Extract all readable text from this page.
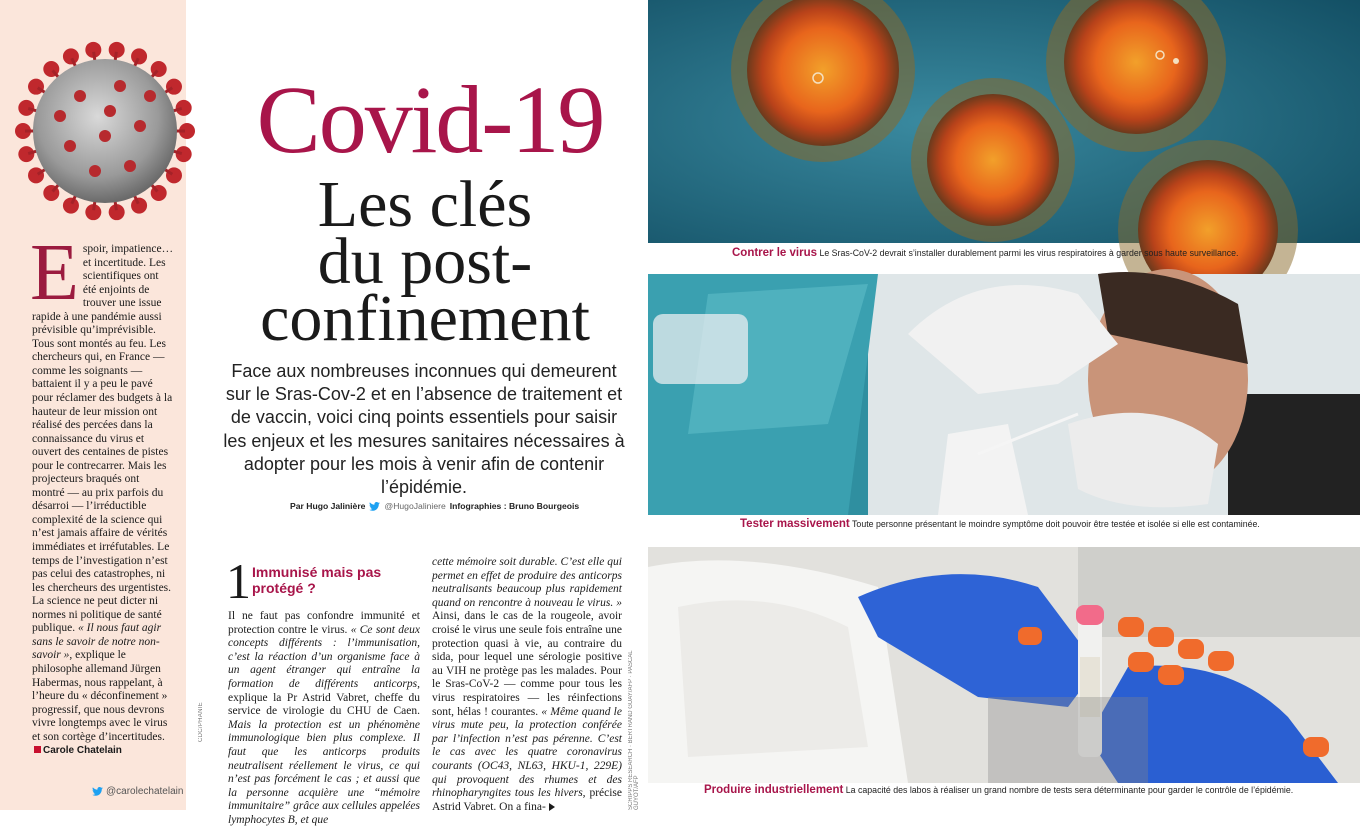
Espoir, impatience… et incertitude. Les scientifiques ont été enjoints de trouver une issue rapide à une pandémie aussi prévisible qu’imprévisible. Tous sont montés au feu. Les chercheurs qui, en France — comme les soignants — battaient il y a peu le pavé pour réclamer des budgets à la hauteur de leur mission ont réalisé des percées dans la connaissance du virus et ouvert des centaines de pistes pour le contrecarrer. Mais les projecteurs braqués ont montré — au prix parfois du désarroi — l’irréductible complexité de la science qui n’est jamais affaire de vérités immédiates et irréfutables. Le temps de l’investigation n’est pas celui des catastrophes, ni les chercheurs des urgentistes. La science ne peut dicter ni normes ni politique de santé publique. « Il nous faut agir sans le savoir de notre non-savoir », explique le philosophe allemand Jürgen Habermas, nous rappelant, à l’heure du « déconfinement » progressif, que nous devrons vivre longtemps avec le virus et son cortège d’incertitudes. Carole Chatelain
@carolechatelain
CDC/PHANIE
Covid-19
Les clés
du post-
confinement

Face aux nombreuses inconnues qui demeurent sur le Sras-Cov-2 et en l’absence de traitement et de vaccin, voici cinq points essentiels pour saisir les enjeux et les mesures sanitaires nécessaires à adopter pour les mois à venir afin de contenir l’épidémie.

Par Hugo Jalinière @HugoJaliniere Infographies : Bruno Bourgeois
1 Immunisé mais pas protégé ?
Il ne faut pas confondre immunité et protection contre le virus. « Ce sont deux concepts différents : l’immunisation, c’est la réaction d’un organisme face à un agent étranger qui entraîne la formation de différents anticorps, explique la Pr Astrid Vabret, cheffe du service de virologie du CHU de Caen. Mais la protection est un phénomène immunologique bien plus complexe. Il faut que les anticorps produits neutralisent réellement le virus, ce qui n’est pas forcément le cas ; et aussi que la personne acquière une “mémoire immunitaire” grâce aux cellules appelées lymphocytes B, et que
cette mémoire soit durable. C’est elle qui permet en effet de produire des anticorps neutralisants beaucoup plus rapidement quand on rencontre à nouveau le virus. » Ainsi, dans le cas de la rougeole, avoir croisé le virus une seule fois entraîne une protection quasi à vie, au contraire du sida, pour lequel une sérologie positive au VIH ne protège pas les malades. Pour le Sras-CoV-2 — comme pour tous les virus respiratoires — les réinfections sont, hélas ! courantes. « Même quand le virus mute peu, la protection conférée par l’infection n’est pas pérenne. C’est le cas avec les quatre coronavirus courants (OC43, NL63, HKU-1, 229E) qui provoquent des rhumes et des rhinopharyngites tous les hivers, précise Astrid Vabret. On a fina-	SCRIPPS RESEARCH · BERTRAND GUAY/AFP · PASCAL GUYOT/AFP
Contrer le virus Le Sras-CoV-2 devrait s’installer durablement parmi les virus respiratoires à garder sous haute surveillance.
Tester massivement Toute personne présentant le moindre symptôme doit pouvoir être testée et isolée si elle est contaminée.
Produire industriellement La capacité des labos à réaliser un grand nombre de tests sera déterminante pour garder le contrôle de l’épidémie.
